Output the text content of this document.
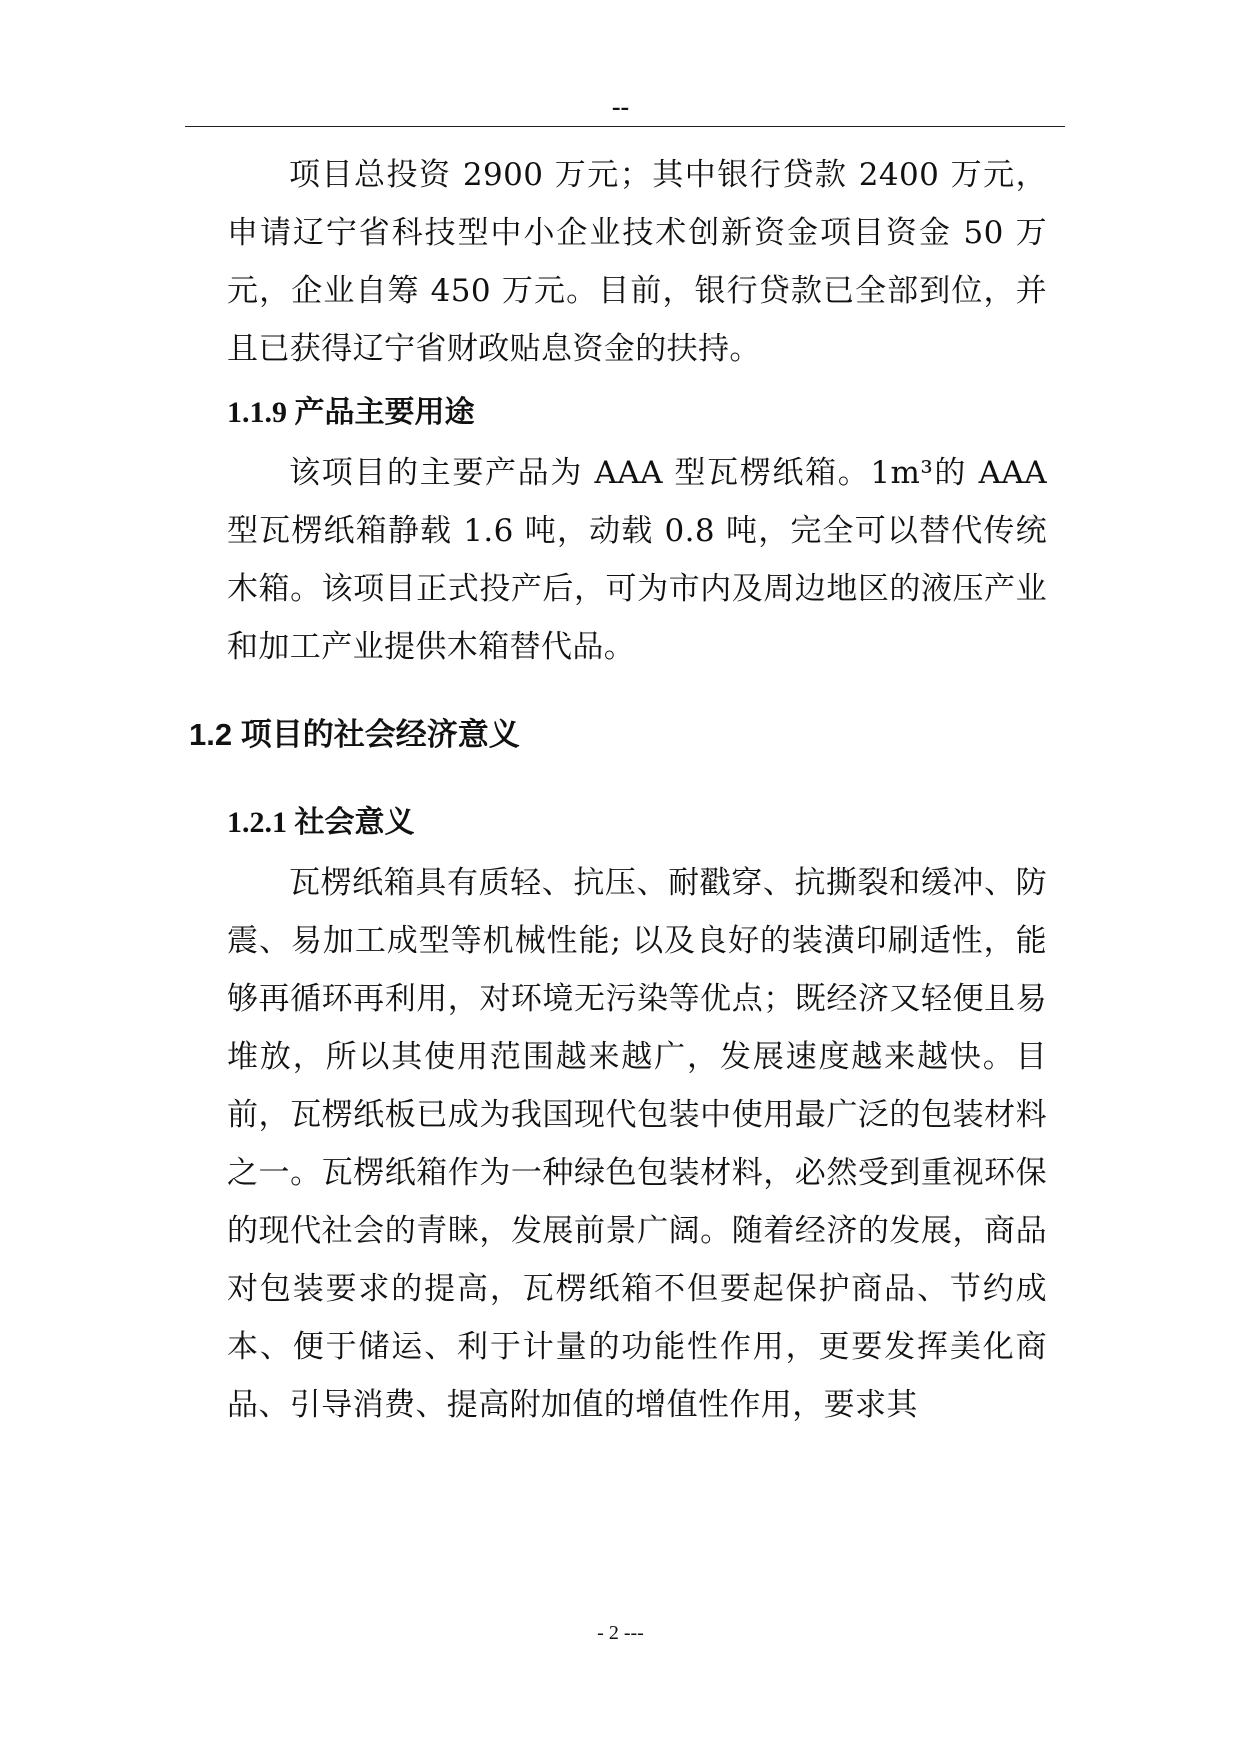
--

项目总投资 2900 万元；其中银行贷款 2400 万元，申请辽宁省科技型中小企业技术创新资金项目资金 50 万元，企业自筹 450 万元。目前，银行贷款已全部到位，并且已获得辽宁省财政贴息资金的扶持。

1.1.9 产品主要用途

该项目的主要产品为 AAA 型瓦楞纸箱。1m³的 AAA 型瓦楞纸箱静载 1.6 吨，动载 0.8 吨，完全可以替代传统木箱。该项目正式投产后，可为市内及周边地区的液压产业和加工产业提供木箱替代品。

1.2 项目的社会经济意义
1.2.1 社会意义

瓦楞纸箱具有质轻、抗压、耐戳穿、抗撕裂和缓冲、防震、易加工成型等机械性能; 以及良好的装潢印刷适性，能够再循环再利用，对环境无污染等优点；既经济又轻便且易堆放，所以其使用范围越来越广，发展速度越来越快。目前，瓦楞纸板已成为我国现代包装中使用最广泛的包装材料之一。瓦楞纸箱作为一种绿色包装材料，必然受到重视环保的现代社会的青睐，发展前景广阔。随着经济的发展，商品对包装要求的提高，瓦楞纸箱不但要起保护商品、节约成本、便于储运、利于计量的功能性作用，更要发挥美化商品、引导消费、提高附加值的增值性作用，要求其

- 2 ---
